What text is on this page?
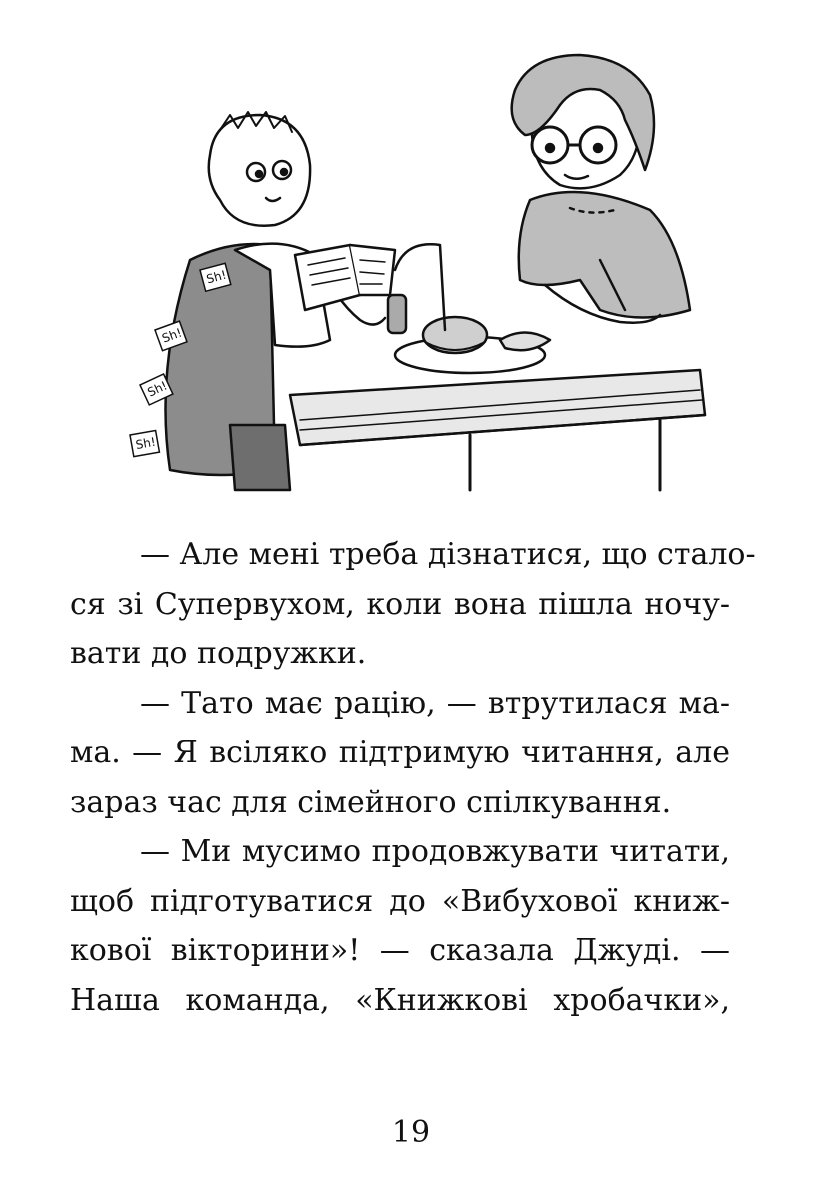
Sh!
Sh!
Sh!
Sh!
— Але мені треба дізнатися, що стало-
ся зі Супервухом, коли вона пішла ночу-
вати до подружки.
— Тато має рацію, — втрутилася ма-
ма. — Я всіляко підтримую читання, але
зараз час для сімейного спілкування.
— Ми мусимо продовжувати читати,
щоб підготуватися до «Вибухової книж-
кової вікторини»! — сказала Джуді. —
Наша команда, «Книжкові хробачки»,
19
